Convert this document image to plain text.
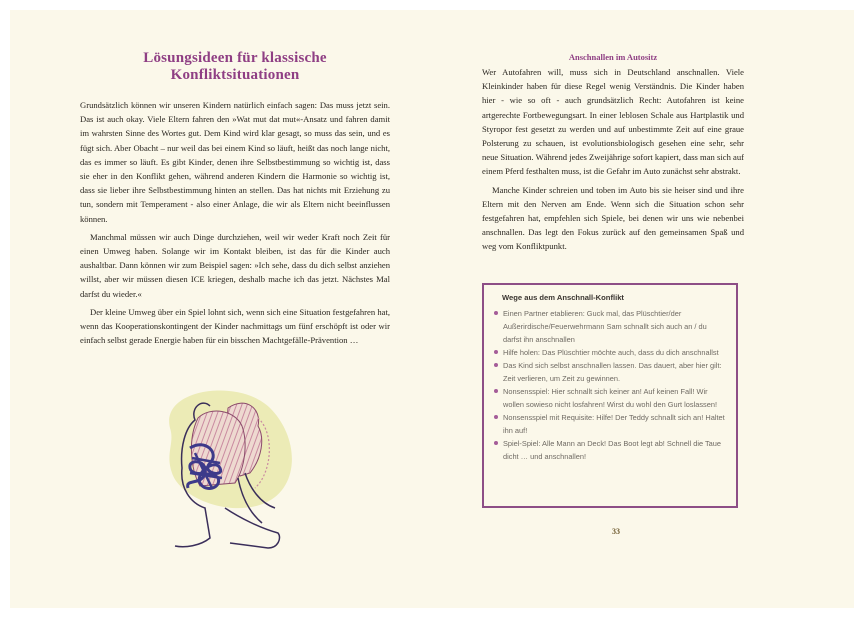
Lösungsideen für klassische Konfliktsituationen

Grundsätzlich können wir unseren Kindern natürlich einfach sagen: Das muss jetzt sein. Das ist auch okay. Viele Eltern fahren den »Wat mut dat mut«-Ansatz und fahren damit im wahrsten Sinne des Wortes gut. Dem Kind wird klar gesagt, so muss das sein, und es fügt sich. Aber Obacht – nur weil das bei einem Kind so läuft, heißt das noch lange nicht, das es immer so läuft. Es gibt Kinder, denen ihre Selbstbestimmung so wichtig ist, dass sie eher in den Konflikt gehen, während anderen Kindern die Harmonie so wichtig ist, dass sie lieber ihre Selbstbestimmung hinten an stellen. Das hat nichts mit Erziehung zu tun, sondern mit Temperament - also einer Anlage, die wir als Eltern nicht beeinflussen können.

Manchmal müssen wir auch Dinge durchziehen, weil wir weder Kraft noch Zeit für einen Umweg haben. Solange wir im Kontakt bleiben, ist das für die Kinder auch aushaltbar. Dann können wir zum Beispiel sagen: »Ich sehe, dass du dich selbst anziehen willst, aber wir müssen diesen ICE kriegen, deshalb mache ich das jetzt. Nächstes Mal darfst du wieder.«

Der kleine Umweg über ein Spiel lohnt sich, wenn sich eine Situation festgefahren hat, wenn das Kooperationskontingent der Kinder nachmittags um fünf erschöpft ist oder wir einfach selbst gerade Energie haben für ein bisschen Machtgefälle-Prävention …

Anschnallen im Autositz

Wer Autofahren will, muss sich in Deutschland anschnallen. Viele Kleinkinder haben für diese Regel wenig Verständnis. Die Kinder haben hier - wie so oft - auch grundsätzlich Recht: Autofahren ist keine artgerechte Fortbewegungsart. In einer leblosen Schale aus Hartplastik und Styropor fest gesetzt zu werden und auf unbestimmte Zeit auf eine graue Polsterung zu schauen, ist evolutionsbiologisch gesehen eine sehr, sehr neue Situation. Während jedes Zweijährige sofort kapiert, dass man sich auf einem Pferd festhalten muss, ist die Gefahr im Auto zunächst sehr abstrakt.

Manche Kinder schreien und toben im Auto bis sie heiser sind und ihre Eltern mit den Nerven am Ende. Wenn sich die Situation schon sehr festgefahren hat, empfehlen sich Spiele, bei denen wir uns wie nebenbei anschnallen. Das legt den Fokus zurück auf den gemeinsamen Spaß und weg vom Konfliktpunkt.

Wege aus dem Anschnall-Konflikt
Einen Partner etablieren: Guck mal, das Plüschtier/der Außerirdische/Feuerwehrmann Sam schnallt sich auch an / du darfst ihn anschnallen
Hilfe holen: Das Plüschtier möchte auch, dass du dich anschnallst
Das Kind sich selbst anschnallen lassen. Das dauert, aber hier gilt: Zeit verlieren, um Zeit zu gewinnen.
Nonsensspiel: Hier schnallt sich keiner an! Auf keinen Fall! Wir wollen sowieso nicht losfahren! Wirst du wohl den Gurt loslassen!
Nonsensspiel mit Requisite: Hilfe! Der Teddy schnallt sich an! Haltet ihn auf!
Spiel-Spiel: Alle Mann an Deck! Das Boot legt ab! Schnell die Taue dicht … und anschnallen!
33
